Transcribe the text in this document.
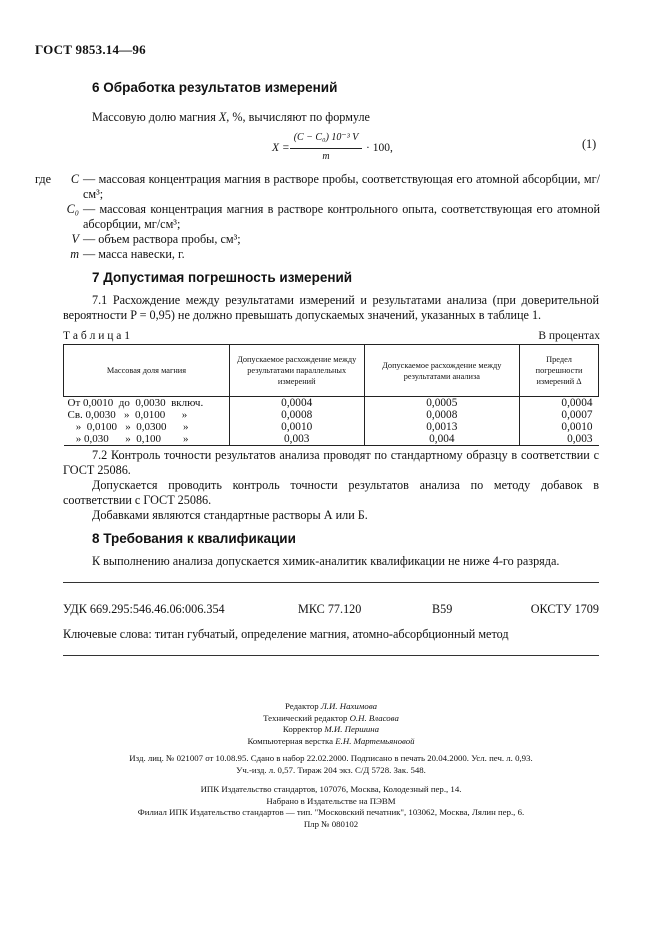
ГОСТ 9853.14—96
6 Обработка результатов измерений
Массовую долю магния X, %, вычисляют по формуле
X =
(C − C₀) 10⁻³ V
m
· 100,	(1)
где	C — массовая концентрация магния в растворе пробы, соответствующая его атомной абсорбции, мг/см³;
C₀ — массовая концентрация магния в растворе контрольного опыта, соответствующая его атомной абсорбции, мг/см³;
V — объем раствора пробы, см³;
m — масса навески, г.
7 Допустимая погрешность измерений
7.1 Расхождение между результатами измерений и результатами анализа (при доверительной вероятности P = 0,95) не должно превышать допускаемых значений, указанных в таблице 1.
Т а б л и ц а 1	В процентах
Массовая доля магния	Допускаемое расхождение между результатами параллельных измерений	Допускаемое расхождение между результатами анализа	Предел погрешности измерений Δ
От 0,0010  до  0,0030  включ.	0,0004	0,0005	0,0004
Св. 0,0030   »  0,0100      »	0,0008	0,0008	0,0007
»  0,0100   »  0,0300      »	0,0010	0,0013	0,0010
» 0,030      »  0,100        »	0,003	0,004	0,003
7.2 Контроль точности результатов анализа проводят по стандартному образцу в соответствии с ГОСТ 25086.
Допускается проводить контроль точности результатов анализа по методу добавок в соответствии с ГОСТ 25086.
Добавками являются стандартные растворы А или Б.
8 Требования к квалификации
К выполнению анализа допускается химик-аналитик квалификации не ниже 4-го разряда.
УДК 669.295:546.46.06:006.354	МКС 77.120	В59	ОКСТУ 1709
Ключевые слова: титан губчатый, определение магния, атомно-абсорбционный метод
Редактор Л.И. Нахимова
Технический редактор О.Н. Власова
Корректор М.И. Першина
Компьютерная верстка Е.Н. Мартемьяновой
Изд. лиц. № 021007 от 10.08.95. Сдано в набор 22.02.2000. Подписано в печать 20.04.2000. Усл. печ. л. 0,93.
Уч.-изд. л. 0,57. Тираж 204 экз. С/Д 5728. Зак. 548.
ИПК Издательство стандартов, 107076, Москва, Колодезный пер., 14.
Набрано в Издательстве на ПЭВМ
Филиал ИПК Издательство стандартов — тип. "Московский печатник", 103062, Москва, Лялин пер., 6.
Плр № 080102
